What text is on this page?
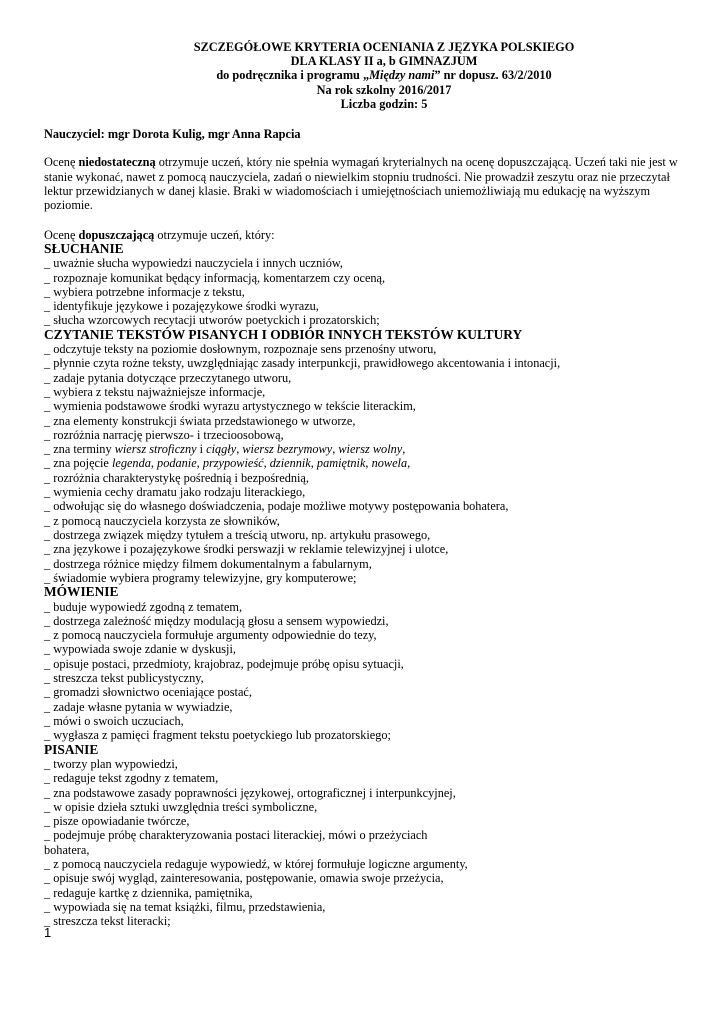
SZCZEGÓŁOWE KRYTERIA OCENIANIA Z JĘZYKA POLSKIEGO
DLA KLASY II a, b GIMNAZJUM
do podręcznika i programu „Między nami” nr dopusz. 63/2/2010
Na rok szkolny 2016/2017
Liczba godzin: 5
Nauczyciel: mgr Dorota Kulig, mgr Anna Rapcia
Ocenę niedostateczną otrzymuje uczeń, który nie spełnia wymagań kryterialnych na ocenę dopuszczającą. Uczeń taki nie jest w stanie wykonać, nawet z pomocą nauczyciela, zadań o niewielkim stopniu trudności. Nie prowadził zeszytu oraz nie przeczytał lektur przewidzianych w danej klasie. Braki w wiadomościach i umiejętnościach uniemożliwiają mu edukację na wyższym poziomie.
Ocenę dopuszczającą otrzymuje uczeń, który:
SŁUCHANIE
_ uważnie słucha wypowiedzi nauczyciela i innych uczniów,
_ rozpoznaje komunikat będący informacją, komentarzem czy oceną,
_ wybiera potrzebne informacje z tekstu,
_ identyfikuje językowe i pozajęzykowe środki wyrazu,
_ słucha wzorcowych recytacji utworów poetyckich i prozatorskich;
CZYTANIE TEKSTÓW PISANYCH I ODBIÓR INNYCH TEKSTÓW KULTURY
_ odczytuje teksty na poziomie dosłownym, rozpoznaje sens przenośny utworu,
_ płynnie czyta rożne teksty, uwzględniając zasady interpunkcji, prawidłowego akcentowania i intonacji,
_ zadaje pytania dotyczące przeczytanego utworu,
_ wybiera z tekstu najważniejsze informacje,
_ wymienia podstawowe środki wyrazu artystycznego w tekście literackim,
_ zna elementy konstrukcji świata przedstawionego w utworze,
_ rozróżnia narrację pierwszo- i trzecioosobową,
_ zna terminy wiersz stroficzny i ciągły, wiersz bezrymowy, wiersz wolny,
_ zna pojęcie legenda, podanie, przypowieść, dziennik, pamiętnik, nowela,
_ rozróżnia charakterystykę pośrednią i bezpośrednią,
_ wymienia cechy dramatu jako rodzaju literackiego,
_ odwołując się do własnego doświadczenia, podaje możliwe motywy postępowania bohatera,
_ z pomocą nauczyciela korzysta ze słowników,
_ dostrzega związek między tytułem a treścią utworu, np. artykułu prasowego,
_ zna językowe i pozajęzykowe środki perswazji w reklamie telewizyjnej i ulotce,
_ dostrzega różnice między filmem dokumentalnym a fabularnym,
_ świadomie wybiera programy telewizyjne, gry komputerowe;
MÓWIENIE
_ buduje wypowiedź zgodną z tematem,
_ dostrzega zależność między modulacją głosu a sensem wypowiedzi,
_ z pomocą nauczyciela formułuje argumenty odpowiednie do tezy,
_ wypowiada swoje zdanie w dyskusji,
_ opisuje postaci, przedmioty, krajobraz, podejmuje próbę opisu sytuacji,
_ streszcza tekst publicystyczny,
_ gromadzi słownictwo oceniające postać,
_ zadaje własne pytania w wywiadzie,
_ mówi o swoich uczuciach,
_ wygłasza z pamięci fragment tekstu poetyckiego lub prozatorskiego;
PISANIE
_ tworzy plan wypowiedzi,
_ redaguje tekst zgodny z tematem,
_ zna podstawowe zasady poprawności językowej, ortograficznej i interpunkcyjnej,
_ w opisie dzieła sztuki uwzględnia treści symboliczne,
_ pisze opowiadanie twórcze,
_ podejmuje próbę charakteryzowania postaci literackiej, mówi o przeżyciach
bohatera,
_ z pomocą nauczyciela redaguje wypowiedź, w której formułuje logiczne argumenty,
_ opisuje swój wygląd, zainteresowania, postępowanie, omawia swoje przeżycia,
_ redaguje kartkę z dziennika, pamiętnika,
_ wypowiada się na temat książki, filmu, przedstawienia,
_ streszcza tekst literacki;
1
